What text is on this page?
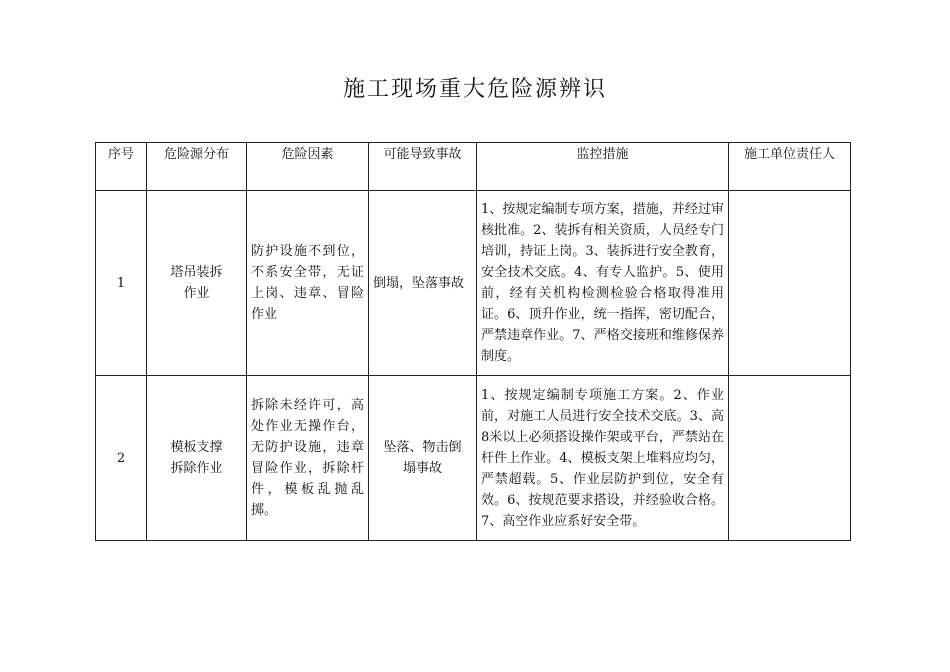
施工现场重大危险源辨识
序号	危险源分布	危险因素	可能导致事故	监控措施	施工单位责任人
1	塔吊装拆作业	防护设施不到位，不系安全带，无证上岗、违章、冒险作业	倒塌，坠落事故	1、按规定编制专项方案，措施，并经过审核批准。2、装拆有相关资质，人员经专门培训，持证上岗。3、装拆进行安全教育，安全技术交底。4、有专人监护。5、使用前，经有关机构检测检验合格取得准用证。6、顶升作业，统一指挥，密切配合，严禁违章作业。7、严格交接班和维修保养制度。	
2	模板支撑拆除作业	拆除未经许可，高处作业无操作台，无防护设施，违章冒险作业，拆除杆件，模板乱抛乱掷。	坠落、物击倒塌事故	1、按规定编制专项施工方案。2、作业前，对施工人员进行安全技术交底。3、高8米以上必须搭设操作架或平台，严禁站在杆件上作业。4、模板支架上堆料应均匀，严禁超载。5、作业层防护到位，安全有效。6、按规范要求搭设，并经验收合格。7、高空作业应系好安全带。	
